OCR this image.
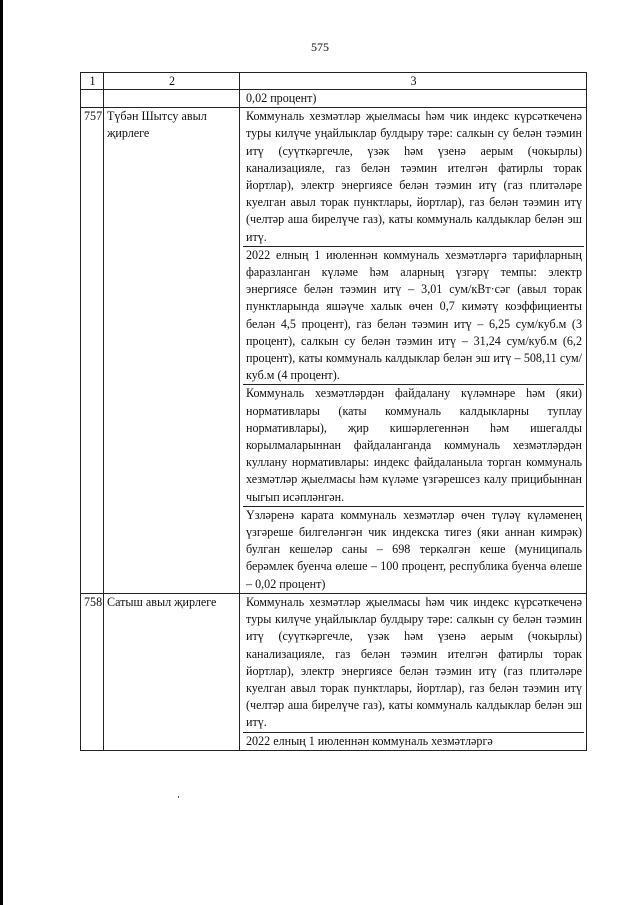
575
1	2	3

		0,02 процент)

757	Түбән Шытсу авыл җирлеге	Коммуналь хезмәтләр җыелмасы һәм чик индекс күрсәткеченә туры килүче уңайлыклар булдыру тәре: салкын су белән тәэмин итү (суүткәргечле, үзәк һәм үзенә аерым (чокырлы) канализацияле, газ белән тәэмин ителгән фатирлы торак йортлар), электр энергиясе белән тәэмин итү (газ плитәләре куелган авыл торак пунктлары, йортлар), газ белән тәэмин итү (челтәр аша бирелүче газ), каты коммуналь калдыклар белән эш итү.
2022 елның 1 июленнән коммуналь хезмәтләргә тарифларның фаразланган күләме һәм аларның үзгәрү темпы: электр энергиясе белән тәэмин итү – 3,01 сум/кВт·сәг (авыл торак пунктларында яшәүче халык өчен 0,7 кимәтү коэффициенты белән 4,5 процент), газ белән тәэмин итү – 6,25 сум/куб.м (3 процент), салкын су белән тәэмин итү – 31,24 сум/куб.м (6,2 процент), каты коммуналь калдыклар белән эш итү – 508,11 сум/куб.м (4 процент).
Коммуналь хезмәтләрдән файдалану күләмнәре һәм (яки) нормативлары (каты коммуналь калдыкларны туплау нормативлары), җир кишәрлегеннән һәм ишегалды корылмаларыннан файдаланганда коммуналь хезмәтләрдән куллану нормативлары: индекс файдаланыла торган коммуналь хезмәтләр җыелмасы һәм күләме үзгәрешсез калу прицибыннан чыгып исәпләнгән.
Үзләренә карата коммуналь хезмәтләр өчен түләү күләменең үзгәреше билгеләнгән чик индекска тигез (яки аннан кимрәк) булган кешеләр саны – 698 теркәлгән кеше (муниципаль берәмлек буенча өлеше – 100 процент, республика буенча өлеше – 0,02 процент)

758	Сатыш авыл җирлеге	Коммуналь хезмәтләр җыелмасы һәм чик индекс күрсәткеченә туры килүче уңайлыклар булдыру тәре: салкын су белән тәэмин итү (суүткәргечле, үзәк һәм үзенә аерым (чокырлы) канализацияле, газ белән тәэмин ителгән фатирлы торак йортлар), электр энергиясе белән тәэмин итү (газ плитәләре куелган авыл торак пунктлары, йортлар), газ белән тәэмин итү (челтәр аша бирелүче газ), каты коммуналь калдыклар белән эш итү.
2022 елның 1 июленнән коммуналь хезмәтләргә
